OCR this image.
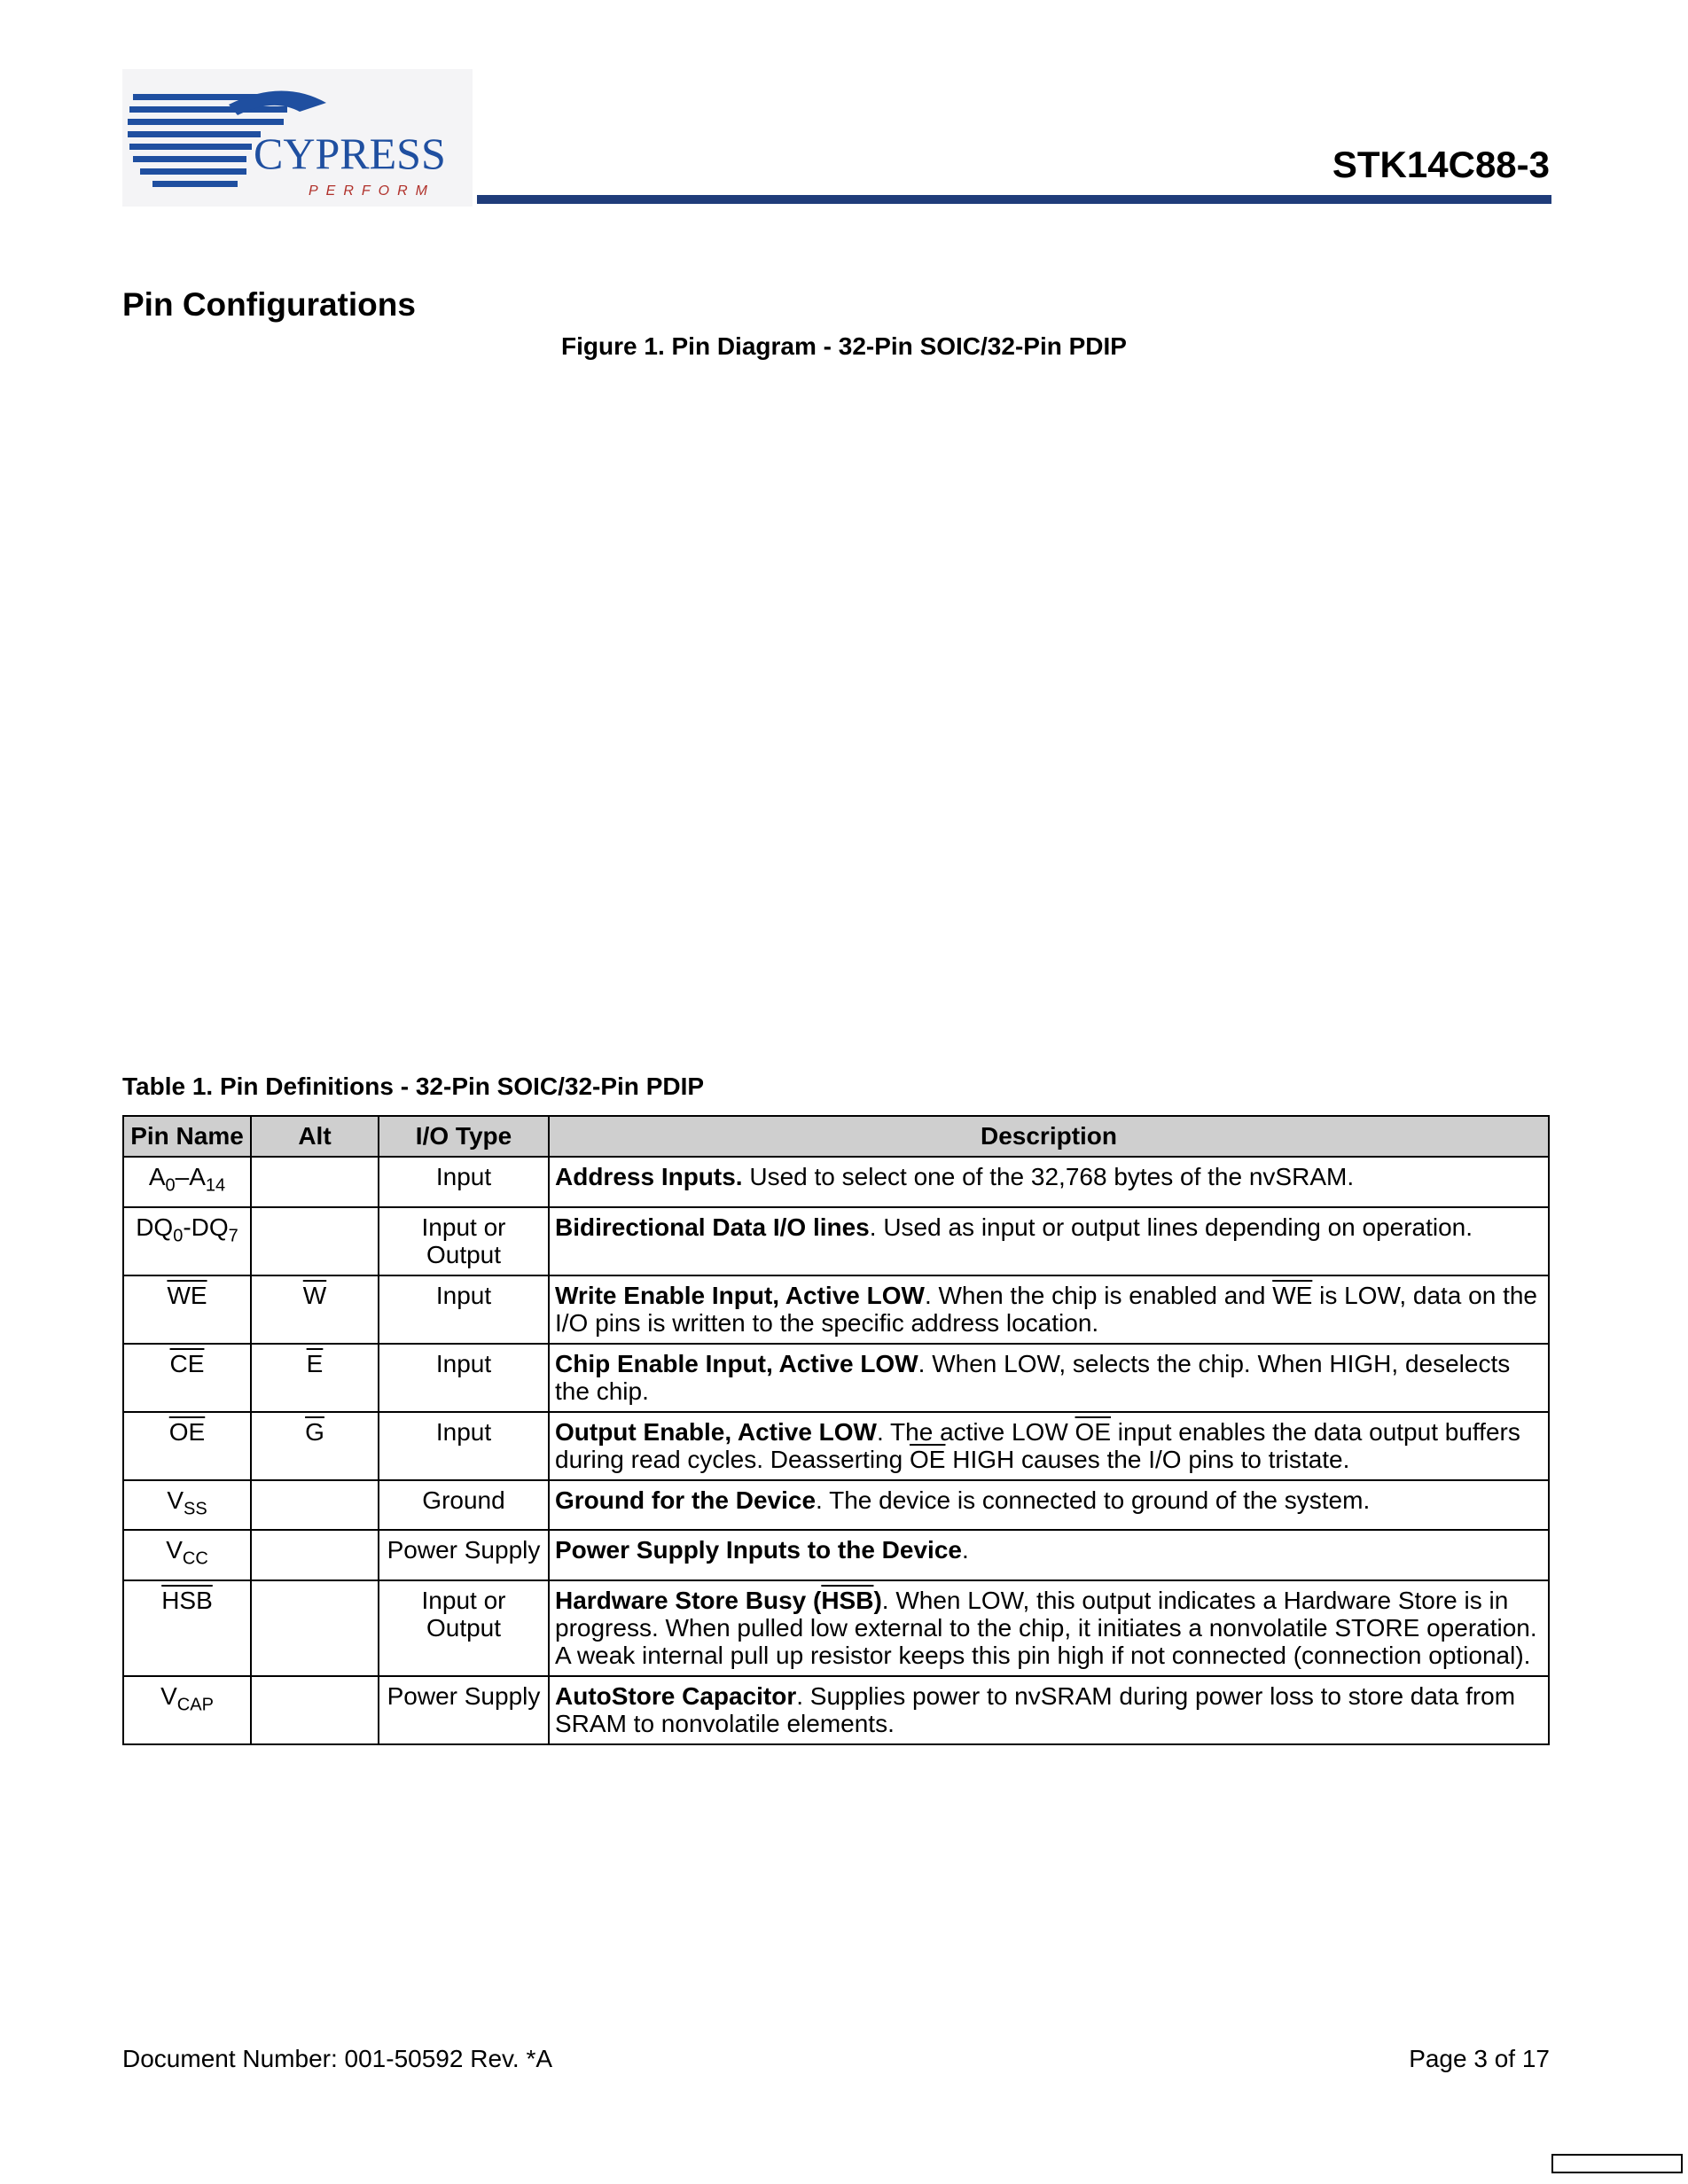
CYPRESS
PERFORM
STK14C88-3
Pin Configurations
Figure 1. Pin Diagram - 32-Pin SOIC/32-Pin PDIP
Table 1. Pin Definitions - 32-Pin SOIC/32-Pin PDIP
Pin Name	Alt	I/O Type	Description
$A_0-A_{14}$		Input	Address Inputs. Used to select one of the 32,768 bytes of the nvSRAM.
$DQ_0-DQ_7$		Input or Output	Bidirectional Data I/O lines. Used as input or output lines depending on operation.
$\overline{WE}$	$\overline{W}$	Input	Write Enable Input, Active LOW. When the chip is enabled and $\overline{WE}$ is LOW, data on the I/O pins is written to the specific address location.
$\overline{CE}$	$\overline{E}$	Input	Chip Enable Input, Active LOW. When LOW, selects the chip. When HIGH, deselects the chip.
$\overline{OE}$	$\overline{G}$	Input	Output Enable, Active LOW. The active LOW $\overline{OE}$ input enables the data output buffers during read cycles. Deasserting $\overline{OE}$ HIGH causes the I/O pins to tristate.
$V_{SS}$		Ground	Ground for the Device. The device is connected to ground of the system.
$V_{CC}$		Power Supply	Power Supply Inputs to the Device.
$\overline{HSB}$		Input or Output	Hardware Store Busy $(\overline{HSB})$. When LOW, this output indicates a Hardware Store is in progress. When pulled low external to the chip, it initiates a nonvolatile STORE operation. A weak internal pull up resistor keeps this pin high if not connected (connection optional).
$V_{CAP}$		Power Supply	AutoStore Capacitor. Supplies power to nvSRAM during power loss to store data from SRAM to nonvolatile elements.
Document Number: 001-50592 Rev. *A	Page 3 of 17
